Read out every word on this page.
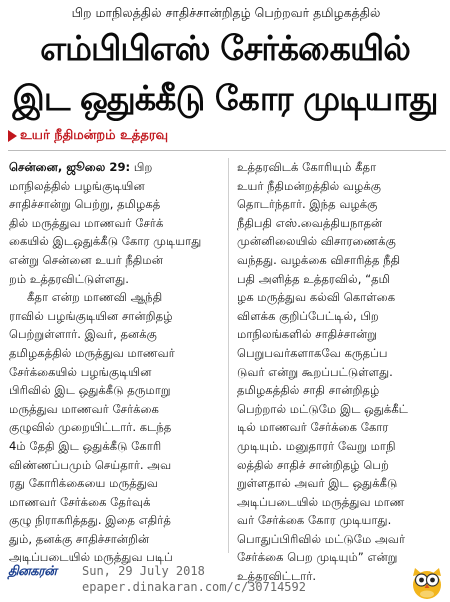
பிற மாநிலத்தில் சாதிச்சான்றிதழ் பெற்றவர் தமிழகத்தில்
எம்பிபிஎஸ் சேர்க்கையில்
இட ஒதுக்கீடு கோர முடியாது
உயர் நீதிமன்றம் உத்தரவு
சென்னை, ஜூலை 29: பிற
மாநிலத்தில் பழங்குடியின
சாதிச்சான்று பெற்று, தமிழகத்
தில் மருத்துவ மாணவர் சேர்க்
கையில் இடஒதுக்கீடு கோர முடியாது
என்று சென்னை உயர் நீதிமன்
றம் உத்தரவிட்டுள்ளது.
கீதா என்ற மாணவி ஆந்தி
ராவில் பழங்குடியின சான்றிதழ்
பெற்றுள்ளார். இவர், தனக்கு
தமிழகத்தில் மருத்துவ மாணவர்
சேர்க்கையில் பழங்குடியின
பிரிவில் இட ஒதுக்கீடு தருமாறு
மருத்துவ மாணவர் சேர்க்கை
குழுவில் முறையிட்டார். கடந்த
4ம் தேதி இட ஒதுக்கீடு கோரி
விண்ணப்பமும் செய்தார். அவ
ரது கோரிக்கையை மருத்துவ
மாணவர் சேர்க்கை தேர்வுக்
குழு நிராகரித்தது. இதை எதிர்த்
தும், தனக்கு சாதிச்சான்றின்
அடிப்படையில் மருத்துவ படிப்
உத்தரவிடக் கோரியும் கீதா
உயர் நீதிமன்றத்தில் வழக்கு
தொடர்ந்தார். இந்த வழக்கு
நீதிபதி எஸ்.வைத்தியநாதன்
முன்னிலையில் விசாரணைக்கு
வந்தது. வழக்கை விசாரித்த நீதி
பதி அளித்த உத்தரவில், “தமி
ழக மருத்துவ கல்வி கொள்கை
விளக்க குறிப்பேட்டில், பிற
மாநிலங்களில் சாதிச்சான்று
பெறுபவர்களாகவே கருதப்ப
டுவர் என்று கூறப்பட்டுள்ளது.
தமிழகத்தில் சாதி சான்றிதழ்
பெற்றால் மட்டுமே இட ஒதுக்கீட்
டில் மாணவர் சேர்க்கை கோர
முடியும். மனுதாரர் வேறு மாநி
லத்தில் சாதிச் சான்றிதழ் பெற்
றுள்ளதால் அவர் இட ஒதுக்கீடு
அடிப்படையில் மருத்துவ மாண
வர் சேர்க்கை கோர முடியாது.
பொதுப்பிரிவில் மட்டுமே அவர்
சேர்க்கை பெற முடியும்” என்று
உத்தரவிட்டார்.
தினகரன் Sun, 29 July 2018
epaper.dinakaran.com/c/30714592
